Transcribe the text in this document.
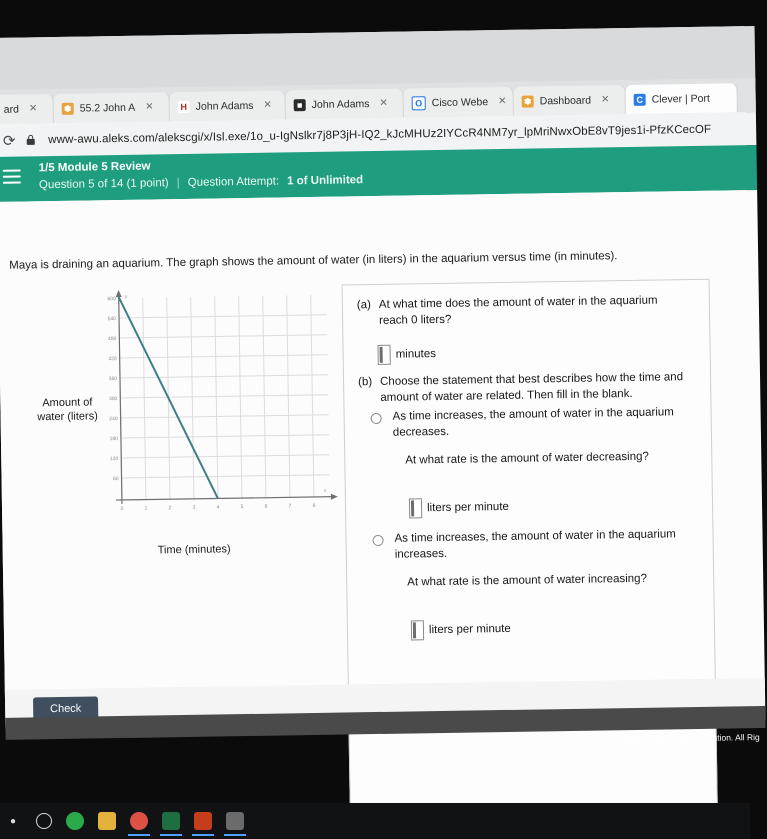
ard ✕	✽ 55.2 John A ✕	H John Adams ✕	■ John Adams ✕	O Cisco Webe ✕ ✽ Dashboard ✕	C Clever | Port
⟳	www-awu.aleks.com/alekscgi/x/Isl.exe/1o_u-IgNslkr7j8P3jH-IQ2_kJcMHUz2IYCcR4NM7yr_lpMriNwxObE8vT9jes1i-PfzKCecOF
1/5 Module 5 Review
Question 5 of 14 (1 point) | Question Attempt: 1 of Unlimited
Maya is draining an aquarium. The graph shows the amount of water (in liters) in the aquarium versus time (in minutes).
600
540
480
420
360
300
240
180
120
60
0	1	2	3	4	5	6	7	8
y
x
Amount of water (liters)
Time (minutes)
(a) At what time does the amount of water in the aquarium reach 0 liters?
minutes
(b) Choose the statement that best describes how the time and amount of water are related. Then fill in the blank.
As time increases, the amount of water in the aquarium decreases.
At what rate is the amount of water decreasing?
liters per minute
As time increases, the amount of water in the aquarium increases.
At what rate is the amount of water increasing?
liters per minute
Check
© 2021 McGraw-Hill Education. All Rig
●
